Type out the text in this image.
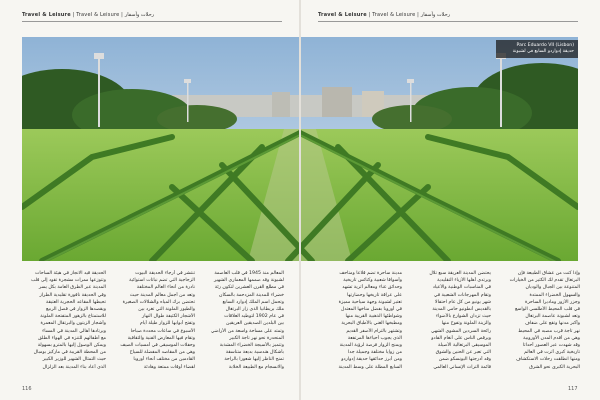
Travel & Leisure | Travel & Leisure | رحلات وأسفار	Travel & Leisure | Travel & Leisure | رحلات وأسفار
Parc Eduardo VII (Lisbon)
حديقة إدواردو السابع في لشبونة
الحديقة قيد الانجاز في هيئة الساحات
وتتوزعها ممرات مشجرة تقود إلى قلب
المدينة عبر الطرق العامة بكل يسر
وفي الحديقة نافورة تقليدية الطراز
تحيطها المقاعد الحجرية العتيقة
ويقصدها الزوار في فصل الربيع
للاستمتاع بالزهور المتفتحة الملونة
وأشجار الزيتون والبرتقال المعمرة
ويرتادها أهالي المدينة في المساء
مع أطفالهم للتنزه في الهواء الطلق
ويمكن الوصول إليها بالمترو بسهولة
من المحطة القريبة في ماركيز بومبال
حيث التمثال الشهير للوزير الكبير
الذي أعاد بناء المدينة بعد الزلزال
تنتشر في أرجاء الحديقة البيوت
الزجاجية التي تضم نباتات استوائية
نادرة من أنحاء العالم المختلفة
وتعد من أجمل معالم المدينة حيث
تحتضن برك المياه والشلالات الصغيرة
والطيور الملونة التي تغرد بين
الأشجار الكثيفة طوال النهار
وتفتح أبوابها للزوار طيلة أيام
الأسبوع في ساعات محددة صباحا
وتقام فيها المعارض الفنية والثقافية
وحفلات الموسيقى في أمسيات الصيف
وهي من المقاصد المفضلة للسياح
القادمين من مختلف أنحاء أوروبا
لقضاء أوقات ممتعة وهادئة
المعالم منذ 1945 في قلب العاصمة
لشبونة وقد صممها المعماري الشهير
في مطلع القرن العشرين لتكون رئة
خضراء للمدينة المزدحمة بالسكان
وتحمل اسم الملك إدوارد السابع
ملك بريطانيا الذي زار البرتغال
في عام 1902 لتوطيد العلاقات
بين البلدين الصديقين العريقين
وتمتد على مساحة واسعة من الأراضي
المنحدرة نحو نهر تاجة الكبير
وتتميز بالأسيجة الخضراء المشذبة
بأشكال هندسية بديعة متناسقة
تمنح الناظر إليها شعورا بالراحة
والانسجام مع الطبيعة الخلابة
مدينة ساحرة تضم قلاعا ومتاحف
وأسواقا شعبية وكنائس تاريخية
وحدائق غناء ومعالم أثرية تشهد
على عراقة تاريخها وحضارتها
تعتبر لشبونة وجهة سياحية مميزة
في أوروبا بفضل مناخها المعتدل
وشواطئها الذهبية القريبة منها
ومطبخها الغني بالأطباق البحرية
وتشتهر بالترام الأصفر القديم
الذي يجوب أحياءها المرتفعة
ويمنح الزوار فرصة لرؤية المدينة
من زوايا مختلفة وجميلة جدا
ومن أبرز حدائقها حديقة إدواردو
السابع المطلة على وسط المدينة
يحتضن المدينة العريقة سبع تلال
ويرتدي أهلها الأزياء التقليدية
في المناسبات الوطنية والأعياد
وتقام المهرجانات الشعبية في
شهر يونيو من كل عام احتفالا
بالقديس أنطونيو حامي المدينة
حيث تزدان الشوارع بالأضواء
والزينة الملونة وتفوح منها
رائحة السردين المشوي الشهي
ويرقص الناس على أنغام الفادو
الموسيقى البرتغالية الأصيلة
التي تعبر عن الحنين والشوق
وقد أدرجتها اليونسكو ضمن
قائمة التراث الإنساني العالمي
وإذا كنت من عشاق الطبيعة فإن
البرتغال تقدم لك الكثير من الخيارات
المتنوعة بين الجبال والوديان
والسهول الخضراء الممتدة
وجزر الأزور وماديرا الساحرة
في قلب المحيط الأطلسي الواسع
وتعد لشبونة عاصمة البرتغال
وأكبر مدنها وتقع على ضفاف
نهر تاجة قرب مصبه في المحيط
وهي من أقدم المدن الأوروبية
وقد شهدت عبر العصور أحداثا
تاريخية كبرى أثرت في العالم
ومنها انطلقت رحلات الاستكشاف
البحرية الكبرى نحو الشرق
116	117
